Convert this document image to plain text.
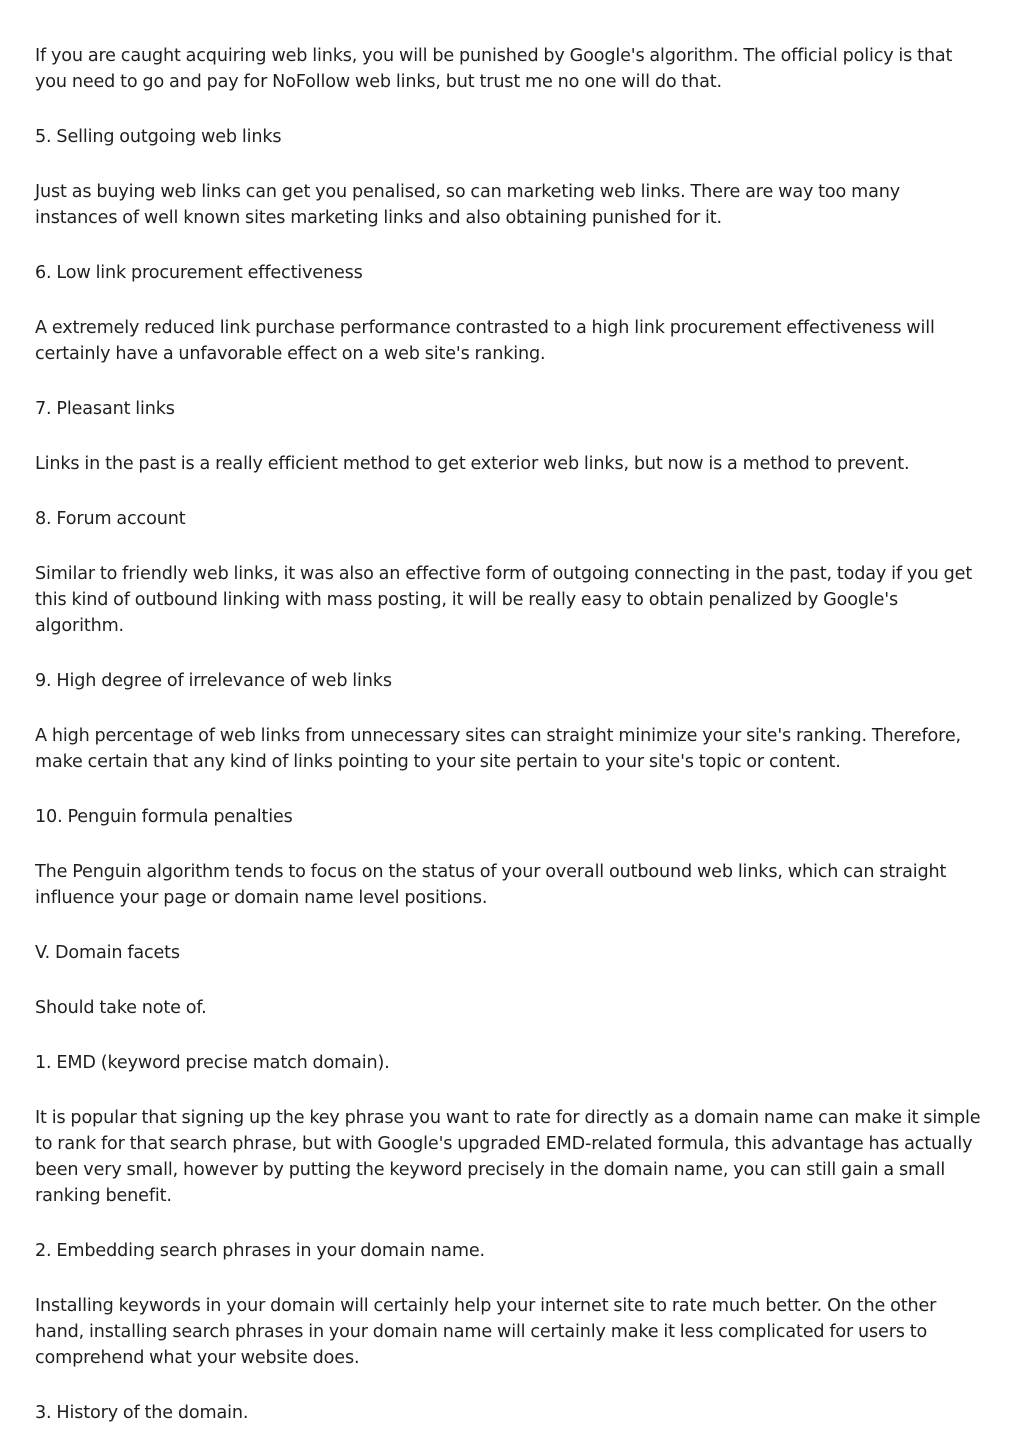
If you are caught acquiring web links, you will be punished by Google's algorithm. The official policy is that you need to go and pay for NoFollow web links, but trust me no one will do that.

5. Selling outgoing web links

Just as buying web links can get you penalised, so can marketing web links. There are way too many instances of well known sites marketing links and also obtaining punished for it.

6. Low link procurement effectiveness

A extremely reduced link purchase performance contrasted to a high link procurement effectiveness will certainly have a unfavorable effect on a web site's ranking.

7. Pleasant links

Links in the past is a really efficient method to get exterior web links, but now is a method to prevent.

8. Forum account

Similar to friendly web links, it was also an effective form of outgoing connecting in the past, today if you get this kind of outbound linking with mass posting, it will be really easy to obtain penalized by Google's algorithm.

9. High degree of irrelevance of web links

A high percentage of web links from unnecessary sites can straight minimize your site's ranking. Therefore, make certain that any kind of links pointing to your site pertain to your site's topic or content.

10. Penguin formula penalties

The Penguin algorithm tends to focus on the status of your overall outbound web links, which can straight influence your page or domain name level positions.

V. Domain facets

Should take note of.

1. EMD (keyword precise match domain).

It is popular that signing up the key phrase you want to rate for directly as a domain name can make it simple to rank for that search phrase, but with Google's upgraded EMD-related formula, this advantage has actually been very small, however by putting the keyword precisely in the domain name, you can still gain a small ranking benefit.

2. Embedding search phrases in your domain name.

Installing keywords in your domain will certainly help your internet site to rate much better. On the other hand, installing search phrases in your domain name will certainly make it less complicated for users to comprehend what your website does.

3. History of the domain.
